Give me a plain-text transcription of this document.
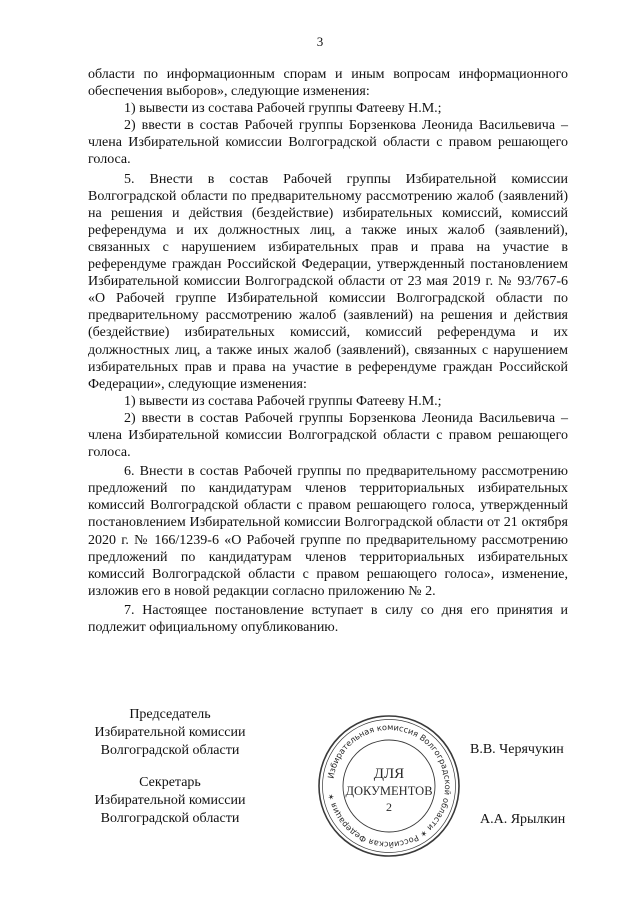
3

области по информационным спорам и иным вопросам информационного обеспечения выборов», следующие изменения:

1) вывести из состава Рабочей группы Фатееву Н.М.;

2) ввести в состав Рабочей группы Борзенкова Леонида Васильевича – члена Избирательной комиссии Волгоградской области с правом решающего голоса.

5. Внести в состав Рабочей группы Избирательной комиссии Волгоградской области по предварительному рассмотрению жалоб (заявлений) на решения и действия (бездействие) избирательных комиссий, комиссий референдума и их должностных лиц, а также иных жалоб (заявлений), связанных с нарушением избирательных прав и права на участие в референдуме граждан Российской Федерации, утвержденный постановлением Избирательной комиссии Волгоградской области от 23 мая 2019 г. № 93/767-6 «О Рабочей группе Избирательной комиссии Волгоградской области по предварительному рассмотрению жалоб (заявлений) на решения и действия (бездействие) избирательных комиссий, комиссий референдума и их должностных лиц, а также иных жалоб (заявлений), связанных с нарушением избирательных прав и права на участие в референдуме граждан Российской Федерации», следующие изменения:

1) вывести из состава Рабочей группы Фатееву Н.М.;

2) ввести в состав Рабочей группы Борзенкова Леонида Васильевича – члена Избирательной комиссии Волгоградской области с правом решающего голоса.

6. Внести в состав Рабочей группы по предварительному рассмотрению предложений по кандидатурам членов территориальных избирательных комиссий Волгоградской области с правом решающего голоса, утвержденный постановлением Избирательной комиссии Волгоградской области от 21 октября 2020 г. № 166/1239-6 «О Рабочей группе по предварительному рассмотрению предложений по кандидатурам членов территориальных избирательных комиссий Волгоградской области с правом решающего голоса», изменение, изложив его в новой редакции согласно приложению № 2.

7. Настоящее постановление вступает в силу со дня его принятия и подлежит официальному опубликованию.

Председатель
Избирательной комиссии
Волгоградской области	В.В. Черячукин
Секретарь
Избирательной комиссии
Волгоградской области	А.А. Ярылкин
Избирательная комиссия Волгоградской области ✶ Российская Федерация ✶
ДЛЯ
ДОКУМЕНТОВ
2
